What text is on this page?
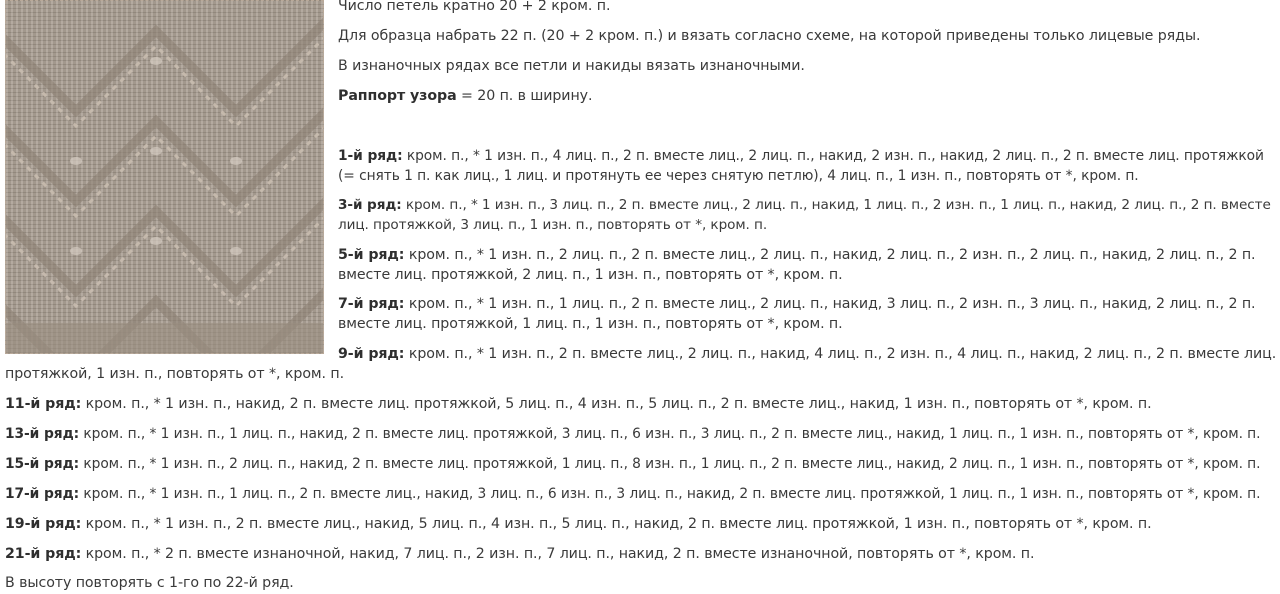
Число петель кратно 20 + 2 кром. п.

Для образца набрать 22 п. (20 + 2 кром. п.) и вязать согласно схеме, на которой приведены только лицевые ряды.

В изнаночных рядах все петли и накиды вязать изнаночными.

Раппорт узора = 20 п. в ширину.

1-й ряд: кром. п., * 1 изн. п., 4 лиц. п., 2 п. вместе лиц., 2 лиц. п., накид, 2 изн. п., накид, 2 лиц. п., 2 п. вместе лиц. протяжкой
(= снять 1 п. как лиц., 1 лиц. и протянуть ее через снятую петлю), 4 лиц. п., 1 изн. п., повторять от *, кром. п.

3-й ряд: кром. п., * 1 изн. п., 3 лиц. п., 2 п. вместе лиц., 2 лиц. п., накид, 1 лиц. п., 2 изн. п., 1 лиц. п., накид, 2 лиц. п., 2 п. вместе
лиц. протяжкой, 3 лиц. п., 1 изн. п., повторять от *, кром. п.

5-й ряд: кром. п., * 1 изн. п., 2 лиц. п., 2 п. вместе лиц., 2 лиц. п., накид, 2 лиц. п., 2 изн. п., 2 лиц. п., накид, 2 лиц. п., 2 п.
вместе лиц. протяжкой, 2 лиц. п., 1 изн. п., повторять от *, кром. п.

7-й ряд: кром. п., * 1 изн. п., 1 лиц. п., 2 п. вместе лиц., 2 лиц. п., накид, 3 лиц. п., 2 изн. п., 3 лиц. п., накид, 2 лиц. п., 2 п.
вместе лиц. протяжкой, 1 лиц. п., 1 изн. п., повторять от *, кром. п.

9-й ряд: кром. п., * 1 изн. п., 2 п. вместе лиц., 2 лиц. п., накид, 4 лиц. п., 2 изн. п., 4 лиц. п., накид, 2 лиц. п., 2 п. вместе лиц.

протяжкой, 1 изн. п., повторять от *, кром. п.

11-й ряд: кром. п., * 1 изн. п., накид, 2 п. вместе лиц. протяжкой, 5 лиц. п., 4 изн. п., 5 лиц. п., 2 п. вместе лиц., накид, 1 изн. п., повторять от *, кром. п.

13-й ряд: кром. п., * 1 изн. п., 1 лиц. п., накид, 2 п. вместе лиц. протяжкой, 3 лиц. п., 6 изн. п., 3 лиц. п., 2 п. вместе лиц., накид, 1 лиц. п., 1 изн. п., повторять от *, кром. п.

15-й ряд: кром. п., * 1 изн. п., 2 лиц. п., накид, 2 п. вместе лиц. протяжкой, 1 лиц. п., 8 изн. п., 1 лиц. п., 2 п. вместе лиц., накид, 2 лиц. п., 1 изн. п., повторять от *, кром. п.

17-й ряд: кром. п., * 1 изн. п., 1 лиц. п., 2 п. вместе лиц., накид, 3 лиц. п., 6 изн. п., 3 лиц. п., накид, 2 п. вместе лиц. протяжкой, 1 лиц. п., 1 изн. п., повторять от *, кром. п.

19-й ряд: кром. п., * 1 изн. п., 2 п. вместе лиц., накид, 5 лиц. п., 4 изн. п., 5 лиц. п., накид, 2 п. вместе лиц. протяжкой, 1 изн. п., повторять от *, кром. п.

21-й ряд: кром. п., * 2 п. вместе изнаночной, накид, 7 лиц. п., 2 изн. п., 7 лиц. п., накид, 2 п. вместе изнаночной, повторять от *, кром. п.

В высоту повторять с 1-го по 22-й ряд.
